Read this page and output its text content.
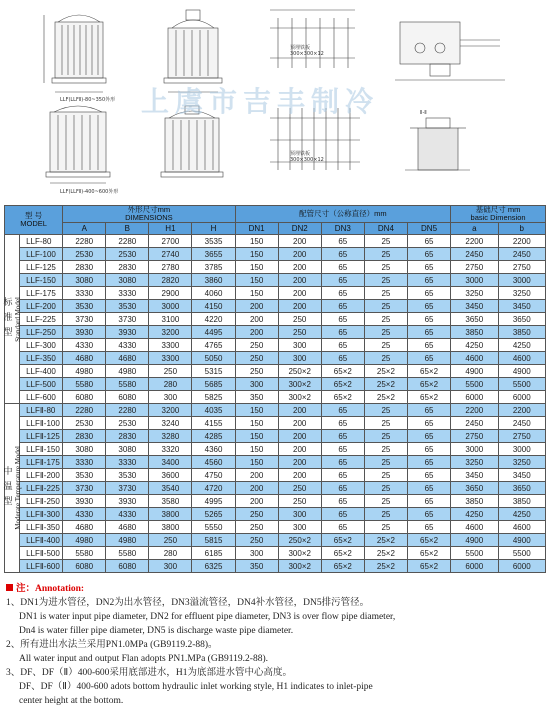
上虞市吉丰制冷
LLF(LLFⅡ)-80~350外形
LLF(LLFⅡ)-400~600外形
预埋铁板
300×300×12
预埋铁板
300×300×12
Ⅱ-Ⅱ
型 号
MODEL		外形尺寸mm
DIMENSIONS				配管尺寸（公称直径）mm					基础尺寸 mm
basic Dimension	
		A	B	H1	H	DN1	DN2	DN3	DN4	DN5	a	b

标准型 Standard Model	LLF-80	2280	2280	2700	3535	150	200	65	25	65	2200	2200
	LLF-100	2530	2530	2740	3655	150	200	65	25	65	2450	2450
	LLF-125	2830	2830	2780	3785	150	200	65	25	65	2750	2750
	LLF-150	3080	3080	2820	3860	150	200	65	25	65	3000	3000
	LLF-175	3330	3330	2900	4060	150	200	65	25	65	3250	3250
	LLF-200	3530	3530	3000	4150	200	200	65	25	65	3450	3450
	LLF-225	3730	3730	3100	4220	200	250	65	25	65	3650	3650
	LLF-250	3930	3930	3200	4495	200	250	65	25	65	3850	3850
	LLF-300	4330	4330	3300	4765	250	300	65	25	65	4250	4250
	LLF-350	4680	4680	3300	5050	250	300	65	25	65	4600	4600
	LLF-400	4980	4980	250	5315	250	250×2	65×2	25×2	65×2	4900	4900
	LLF-500	5580	5580	280	5685	300	300×2	65×2	25×2	65×2	5500	5500
	LLF-600	6080	6080	300	5825	350	300×2	65×2	25×2	65×2	6000	6000

中温型 Moderate Temperature Model	LLFⅡ-80	2280	2280	3200	4035	150	200	65	25	65	2200	2200
	LLFⅡ-100	2530	2530	3240	4155	150	200	65	25	65	2450	2450
	LLFⅡ-125	2830	2830	3280	4285	150	200	65	25	65	2750	2750
	LLFⅡ-150	3080	3080	3320	4360	150	200	65	25	65	3000	3000
	LLFⅡ-175	3330	3330	3400	4560	150	200	65	25	65	3250	3250
	LLFⅡ-200	3530	3530	3600	4750	200	200	65	25	65	3450	3450
	LLFⅡ-225	3730	3730	3540	4720	200	250	65	25	65	3650	3650
	LLFⅡ-250	3930	3930	3580	4995	200	250	65	25	65	3850	3850
	LLFⅡ-300	4330	4330	3800	5265	250	300	65	25	65	4250	4250
	LLFⅡ-350	4680	4680	3800	5550	250	300	65	25	65	4600	4600
	LLFⅡ-400	4980	4980	250	5815	250	250×2	65×2	25×2	65×2	4900	4900
	LLFⅡ-500	5580	5580	280	6185	300	300×2	65×2	25×2	65×2	5500	5500
	LLFⅡ-600	6080	6080	300	6325	350	300×2	65×2	25×2	65×2	6000	6000
注：Annotation:
1、DN1为进水管径，DN2为出水管径，DN3溢流管径，DN4补水管径，DN5排污管径。
DN1 is water input pipe diameter, DN2 for effluent pipe diameter, DN3 is over flow pipe diameter,
Dn4 is water filler pipe diameter, DN5 is discharge waste pipe diameter.
2、所有进出水法兰采用PN1.0MPa (GB9119.2-88)。
All water input and output Flan adopts PN1.MPa (GB9119.2-88).
3、DF、DF（Ⅱ）400-600采用底部进水，H1为底部进水管中心高度。
DF、DF（Ⅱ）400-600 adots bottom hydraulic inlet working style, H1 indicates to inlet-pipe
center height at the bottom.
